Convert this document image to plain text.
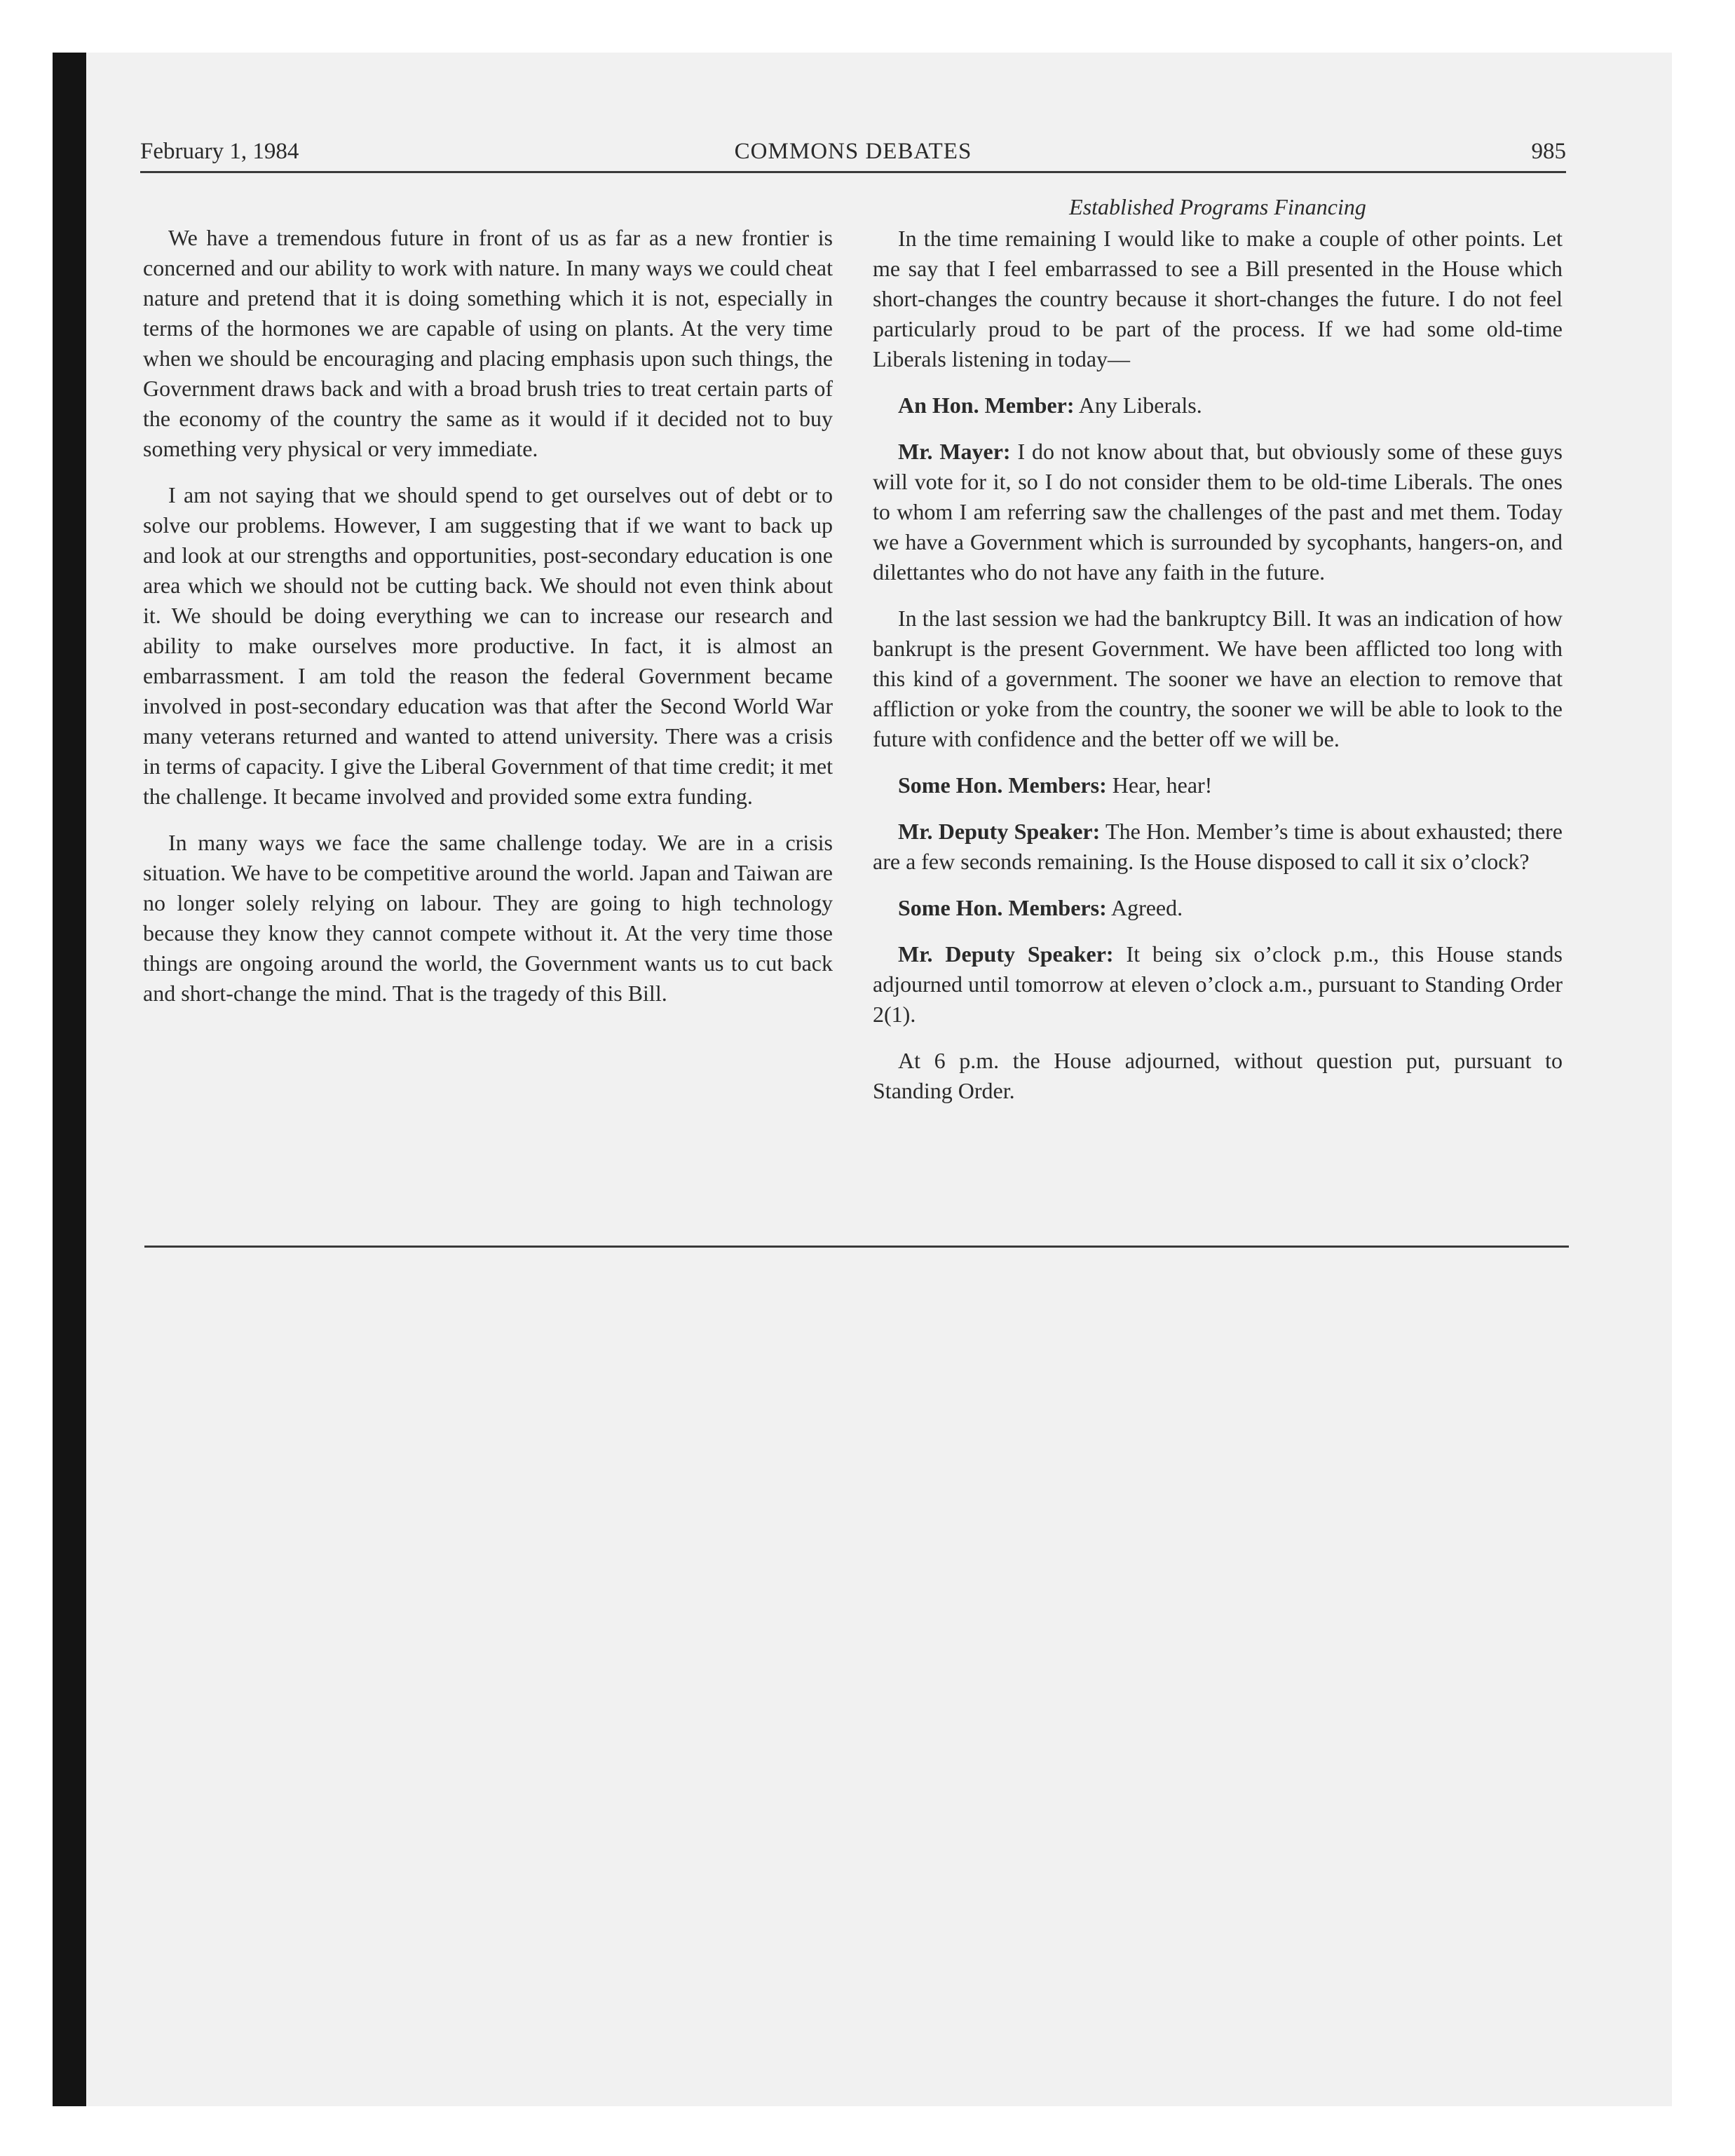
February 1, 1984	COMMONS DEBATES	985

We have a tremendous future in front of us as far as a new frontier is concerned and our ability to work with nature. In many ways we could cheat nature and pretend that it is doing something which it is not, especially in terms of the hormones we are capable of using on plants. At the very time when we should be encouraging and placing emphasis upon such things, the Government draws back and with a broad brush tries to treat certain parts of the economy of the country the same as it would if it decided not to buy something very physical or very immediate.

I am not saying that we should spend to get ourselves out of debt or to solve our problems. However, I am suggesting that if we want to back up and look at our strengths and opportunities, post-secondary education is one area which we should not be cutting back. We should not even think about it. We should be doing everything we can to increase our research and ability to make ourselves more productive. In fact, it is almost an embarrassment. I am told the reason the federal Government became involved in post-secondary education was that after the Second World War many veterans returned and wanted to attend university. There was a crisis in terms of capacity. I give the Liberal Government of that time credit; it met the challenge. It became involved and provided some extra funding.

In many ways we face the same challenge today. We are in a crisis situation. We have to be competitive around the world. Japan and Taiwan are no longer solely relying on labour. They are going to high technology because they know they cannot compete without it. At the very time those things are ongoing around the world, the Government wants us to cut back and short-change the mind. That is the tragedy of this Bill.

Established Programs Financing

In the time remaining I would like to make a couple of other points. Let me say that I feel embarrassed to see a Bill presented in the House which short-changes the country because it short-changes the future. I do not feel particularly proud to be part of the process. If we had some old-time Liberals listening in today—

An Hon. Member: Any Liberals.

Mr. Mayer: I do not know about that, but obviously some of these guys will vote for it, so I do not consider them to be old-time Liberals. The ones to whom I am referring saw the challenges of the past and met them. Today we have a Government which is surrounded by sycophants, hangers-on, and dilettantes who do not have any faith in the future.

In the last session we had the bankruptcy Bill. It was an indication of how bankrupt is the present Government. We have been afflicted too long with this kind of a government. The sooner we have an election to remove that affliction or yoke from the country, the sooner we will be able to look to the future with confidence and the better off we will be.

Some Hon. Members: Hear, hear!

Mr. Deputy Speaker: The Hon. Member’s time is about exhausted; there are a few seconds remaining. Is the House disposed to call it six o’clock?

Some Hon. Members: Agreed.

Mr. Deputy Speaker: It being six o’clock p.m., this House stands adjourned until tomorrow at eleven o’clock a.m., pursuant to Standing Order 2(1).

At 6 p.m. the House adjourned, without question put, pursuant to Standing Order.
